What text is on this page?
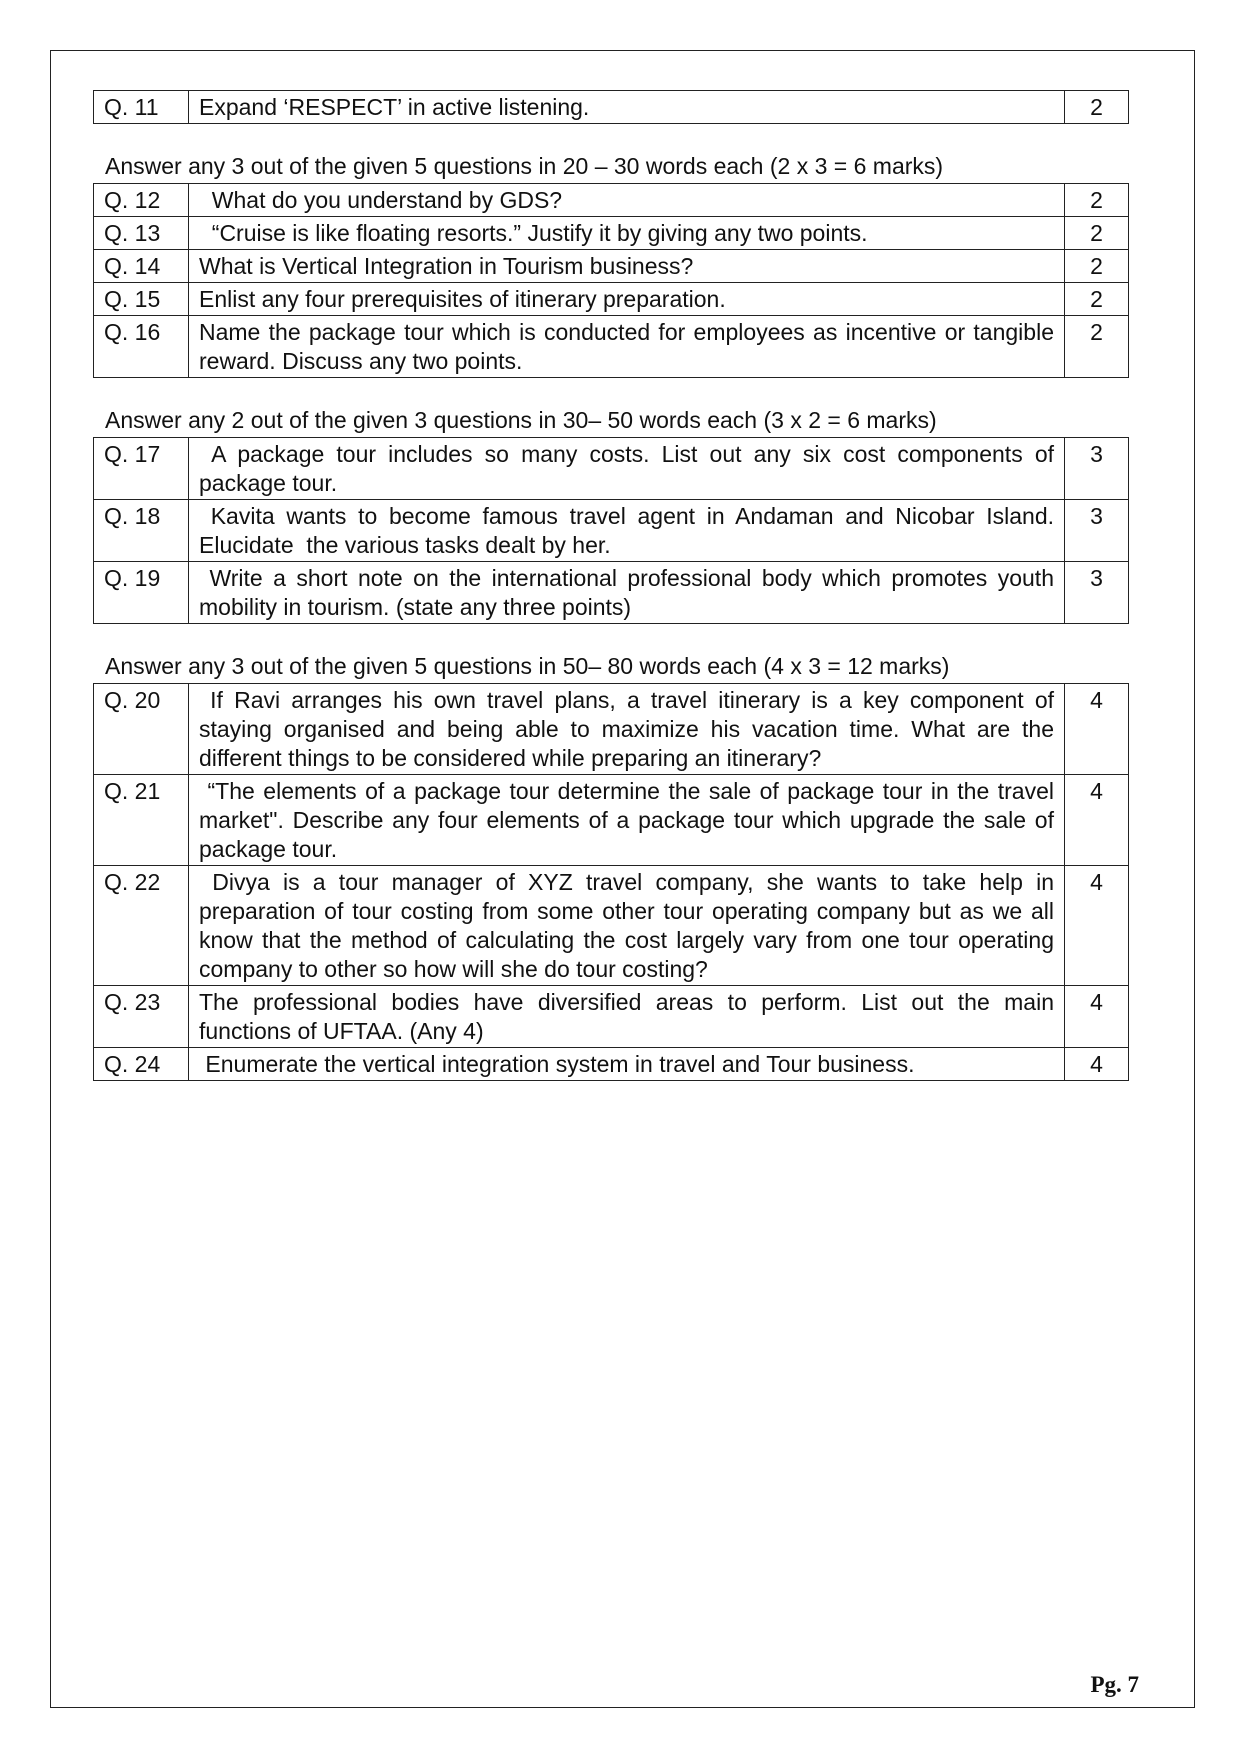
Q. 11	Expand ‘RESPECT’ in active listening.	2
Answer any 3 out of the given 5 questions in 20 – 30 words each (2 x 3 = 6 marks)
Q. 12	What do you understand by GDS?	2
Q. 13	“Cruise is like floating resorts.” Justify it by giving any two points.	2
Q. 14	What is Vertical Integration in Tourism business?	2
Q. 15	Enlist any four prerequisites of itinerary preparation.	2
Q. 16	Name the package tour which is conducted for employees as incentive or tangible reward. Discuss any two points.	2
Answer any 2 out of the given 3 questions in 30– 50 words each (3 x 2 = 6 marks)
Q. 17	A package tour includes so many costs. List out any six cost components of package tour.	3
Q. 18	Kavita wants to become famous travel agent in Andaman and Nicobar Island. Elucidate  the various tasks dealt by her.	3
Q. 19	Write a short note on the international professional body which promotes youth mobility in tourism. (state any three points)	3
Answer any 3 out of the given 5 questions in 50– 80 words each (4 x 3 = 12 marks)
Q. 20	If Ravi arranges his own travel plans, a travel itinerary is a key component of staying organised and being able to maximize his vacation time. What are the different things to be considered while preparing an itinerary?	4
Q. 21	“The elements of a package tour determine the sale of package tour in the travel market". Describe any four elements of a package tour which upgrade the sale of package tour.	4
Q. 22	Divya is a tour manager of XYZ travel company, she wants to take help in preparation of tour costing from some other tour operating company but as we all know that the method of calculating the cost largely vary from one tour operating company to other so how will she do tour costing?	4
Q. 23	The professional bodies have diversified areas to perform. List out the main functions of UFTAA. (Any 4)	4
Q. 24	Enumerate the vertical integration system in travel and Tour business.	4
Pg. 7
